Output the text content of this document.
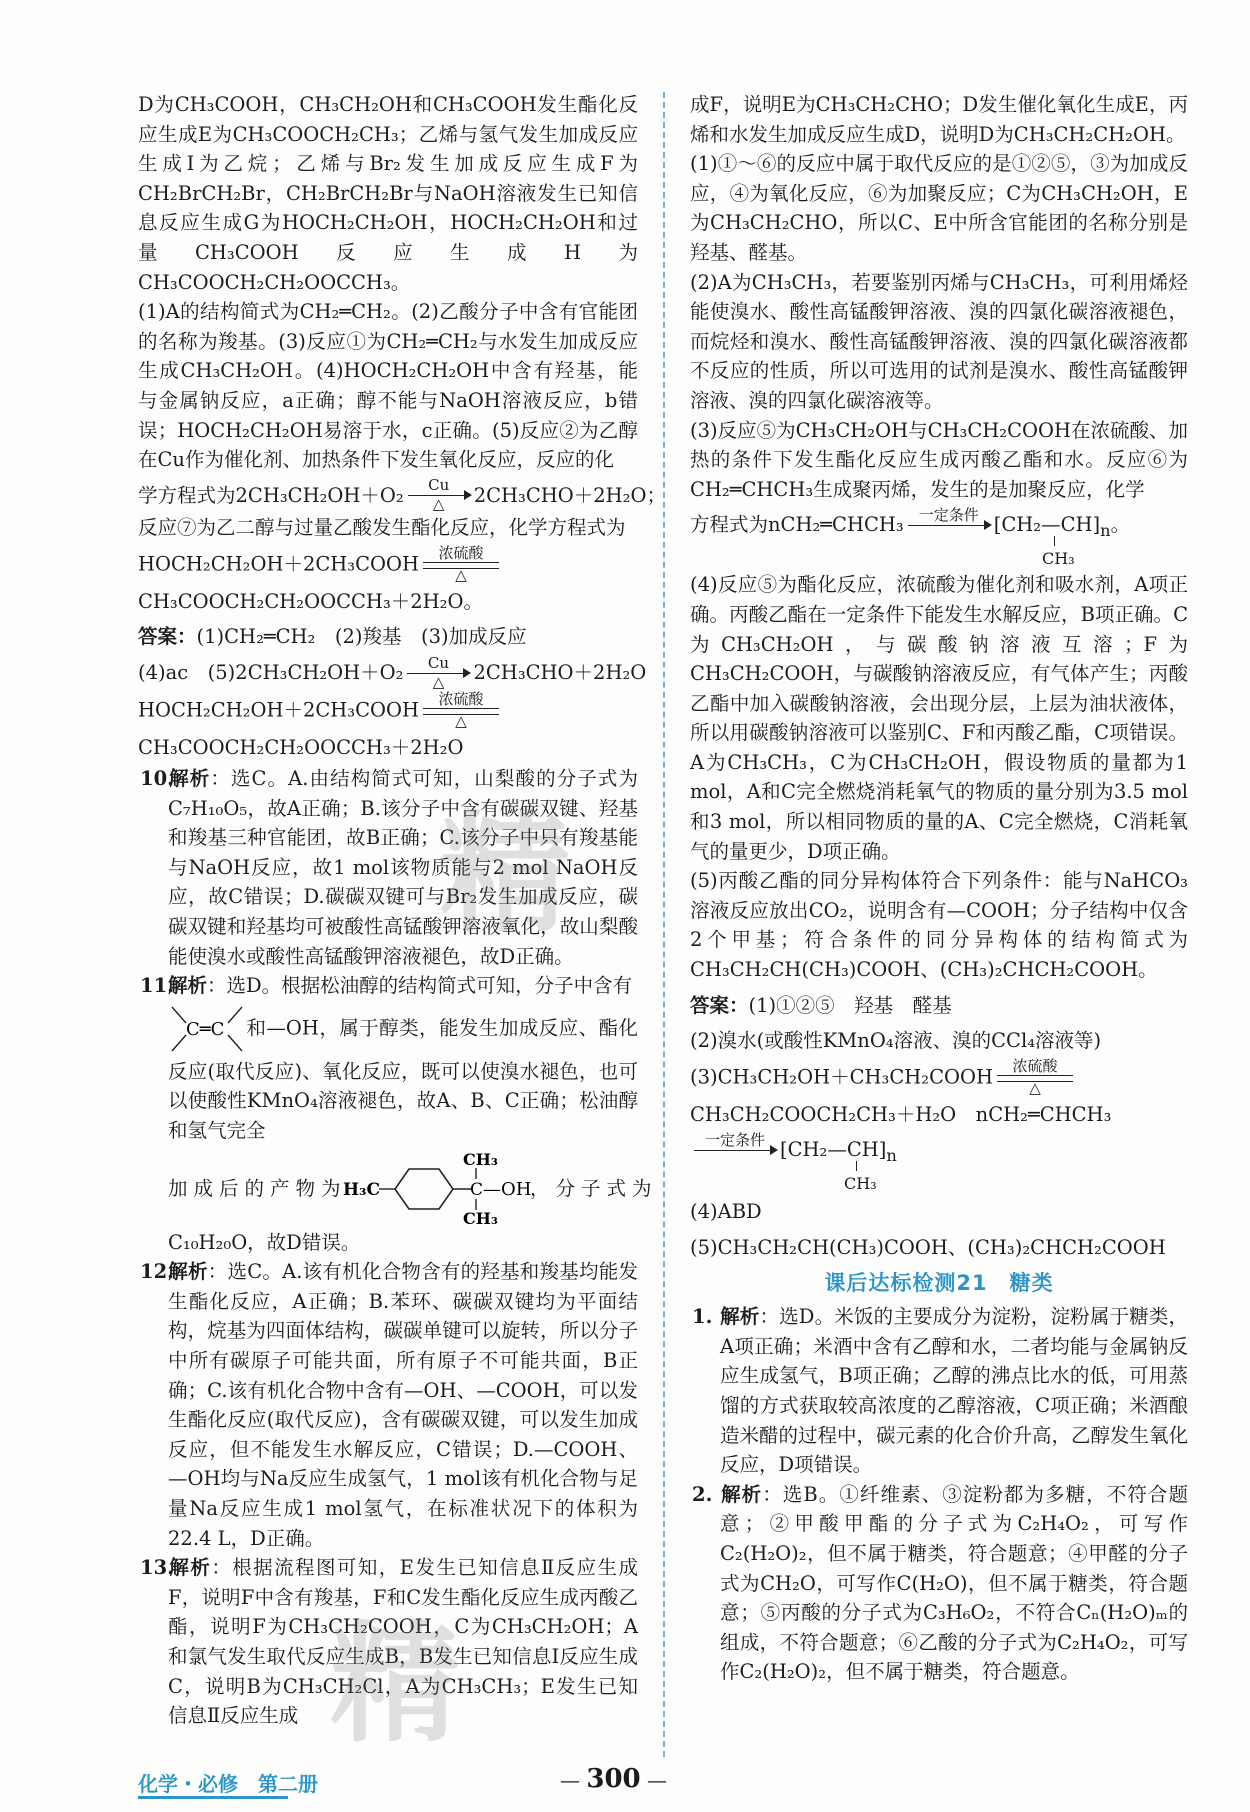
D为CH₃COOH，CH₃CH₂OH和CH₃COOH发生酯化反应生成E为CH₃COOCH₂CH₃；乙烯与氢气发生加成反应生成I为乙烷；乙烯与Br₂发生加成反应生成F为CH₂BrCH₂Br，CH₂BrCH₂Br与NaOH溶液发生已知信息反应生成G为HOCH₂CH₂OH，HOCH₂CH₂OH和过量CH₃COOH反应生成H为CH₃COOCH₂CH₂OOCCH₃。

(1)A的结构简式为CH₂═CH₂。(2)乙酸分子中含有官能团的名称为羧基。(3)反应①为CH₂═CH₂与水发生加成反应生成CH₃CH₂OH。(4)HOCH₂CH₂OH中含有羟基，能与金属钠反应，a正确；醇不能与NaOH溶液反应，b错误；HOCH₂CH₂OH易溶于水，c正确。(5)反应②为乙醇在Cu作为催化剂、加热条件下发生氧化反应，反应的化

学方程式为2CH₃CH₂OH＋O₂	Cu
△	2CH₃CHO＋2H₂O；

反应⑦为乙二醇与过量乙酸发生酯化反应，化学方程式为

HOCH₂CH₂OH＋2CH₃COOH	浓硫酸
△
CH₃COOCH₂CH₂OOCCH₃＋2H₂O。
答案：(1)CH₂═CH₂　(2)羧基　(3)加成反应
(4)ac　(5)2CH₃CH₂OH＋O₂	Cu
△	2CH₃CHO＋2H₂O
HOCH₂CH₂OH＋2CH₃COOH	浓硫酸
△
CH₃COOCH₂CH₂OOCCH₃＋2H₂O

10.解析：选C。A.由结构简式可知，山梨酸的分子式为C₇H₁₀O₅，故A正确；B.该分子中含有碳碳双键、羟基和羧基三种官能团，故B正确；C.该分子中只有羧基能与NaOH反应，故1 mol该物质能与2 mol NaOH反应，故C错误；D.碳碳双键可与Br₂发生加成反应，碳碳双键和羟基均可被酸性高锰酸钾溶液氧化，故山梨酸能使溴水或酸性高锰酸钾溶液褪色，故D正确。

11.解析：选D。根据松油醇的结构简式可知，分子中含有

C═C 和—OH，属于醇类，能发生加成反应、酯化反应(取代反应)、氧化反应，既可以使溴水褪色，也可以使酸性KMnO₄溶液褪色，故A、B、C正确；松油醇和氢气完全

加成后的产物为
H₃C	C
CH₃
CH₃
—OH
，分子式为

C₁₀H₂₀O，故D错误。

12.解析：选C。A.该有机化合物含有的羟基和羧基均能发生酯化反应，A正确；B.苯环、碳碳双键均为平面结构，烷基为四面体结构，碳碳单键可以旋转，所以分子中所有碳原子可能共面，所有原子不可能共面，B正确；C.该有机化合物中含有—OH、—COOH，可以发生酯化反应(取代反应)，含有碳碳双键，可以发生加成反应，但不能发生水解反应，C错误；D.—COOH、—OH均与Na反应生成氢气，1 mol该有机化合物与足量Na反应生成1 mol氢气，在标准状况下的体积为22.4 L，D正确。

13.解析：根据流程图可知，E发生已知信息Ⅱ反应生成F，说明F中含有羧基，F和C发生酯化反应生成丙酸乙酯，说明F为CH₃CH₂COOH，C为CH₃CH₂OH；A和氯气发生取代反应生成B，B发生已知信息Ⅰ反应生成C，说明B为CH₃CH₂Cl，A为CH₃CH₃；E发生已知信息Ⅱ反应生成

成F，说明E为CH₃CH₂CHO；D发生催化氧化生成E，丙烯和水发生加成反应生成D，说明D为CH₃CH₂CH₂OH。

(1)①～⑥的反应中属于取代反应的是①②⑤，③为加成反应，④为氧化反应，⑥为加聚反应；C为CH₃CH₂OH，E为CH₃CH₂CHO，所以C、E中所含官能团的名称分别是羟基、醛基。

(2)A为CH₃CH₃，若要鉴别丙烯与CH₃CH₃，可利用烯烃能使溴水、酸性高锰酸钾溶液、溴的四氯化碳溶液褪色，而烷烃和溴水、酸性高锰酸钾溶液、溴的四氯化碳溶液都不反应的性质，所以可选用的试剂是溴水、酸性高锰酸钾溶液、溴的四氯化碳溶液等。

(3)反应⑤为CH₃CH₂OH与CH₃CH₂COOH在浓硫酸、加热的条件下发生酯化反应生成丙酸乙酯和水。反应⑥为CH₂═CHCH₃生成聚丙烯，发生的是加聚反应，化学

方程式为nCH₂═CHCH₃ 一定条件 $[CH_2—CH]_n$。
CH₃

(4)反应⑤为酯化反应，浓硫酸为催化剂和吸水剂，A项正确。丙酸乙酯在一定条件下能发生水解反应，B项正确。C为CH₃CH₂OH，与碳酸钠溶液互溶；F为CH₃CH₂COOH，与碳酸钠溶液反应，有气体产生；丙酸乙酯中加入碳酸钠溶液，会出现分层，上层为油状液体，所以用碳酸钠溶液可以鉴别C、F和丙酸乙酯，C项错误。A为CH₃CH₃，C为CH₃CH₂OH，假设物质的量都为1 mol，A和C完全燃烧消耗氧气的物质的量分别为3.5 mol和3 mol，所以相同物质的量的A、C完全燃烧，C消耗氧气的量更少，D项正确。

(5)丙酸乙酯的同分异构体符合下列条件：能与NaHCO₃溶液反应放出CO₂，说明含有—COOH；分子结构中仅含2个甲基；符合条件的同分异构体的结构简式为CH₃CH₂CH(CH₃)COOH、(CH₃)₂CHCH₂COOH。

答案：(1)①②⑤　羟基　醛基
(2)溴水(或酸性KMnO₄溶液、溴的CCl₄溶液等)
(3)CH₃CH₂OH＋CH₃CH₂COOH	浓硫酸
△
CH₃CH₂COOCH₂CH₃＋H₂O　nCH₂═CHCH₃
一定条件 $[CH_2—CH]_n$
CH₃
(4)ABD
(5)CH₃CH₂CH(CH₃)COOH、(CH₃)₂CHCH₂COOH
课后达标检测21　糖类

1. 解析：选D。米饭的主要成分为淀粉，淀粉属于糖类，A项正确；米酒中含有乙醇和水，二者均能与金属钠反应生成氢气，B项正确；乙醇的沸点比水的低，可用蒸馏的方式获取较高浓度的乙醇溶液，C项正确；米酒酿造米醋的过程中，碳元素的化合价升高，乙醇发生氧化反应，D项错误。

2. 解析：选B。①纤维素、③淀粉都为多糖，不符合题意；②甲酸甲酯的分子式为C₂H₄O₂，可写作C₂(H₂O)₂，但不属于糖类，符合题意；④甲醛的分子式为CH₂O，可写作C(H₂O)，但不属于糖类，符合题意；⑤丙酸的分子式为C₃H₆O₂，不符合Cₙ(H₂O)ₘ的组成，不符合题意；⑥乙酸的分子式为C₂H₄O₂，可写作C₂(H₂O)₂，但不属于糖类，符合题意。

精
精
化学・必修　第二册	— 300 —
